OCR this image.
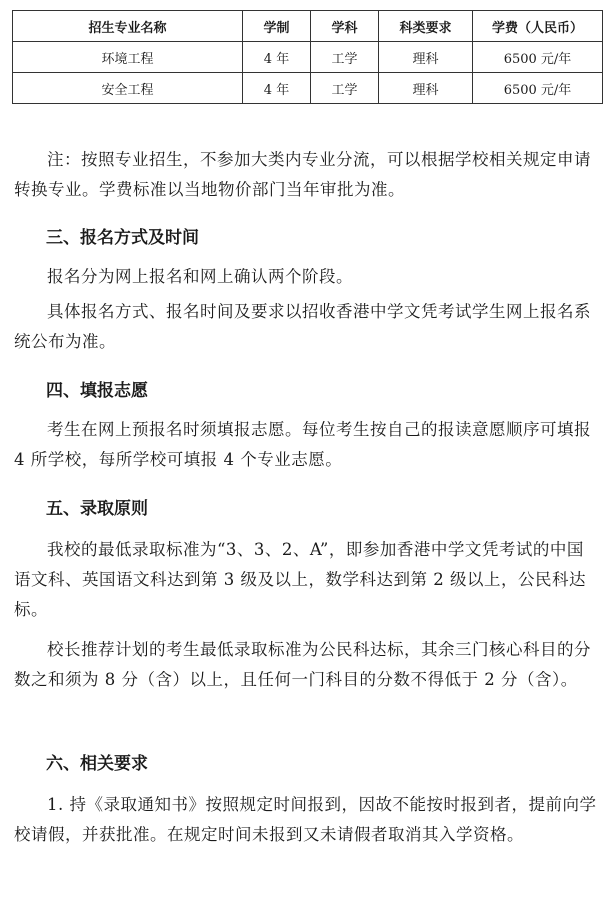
招生专业名称	学制	学科	科类要求	学费（人民币）
环境工程	4 年	工学	理科	6500 元/年
安全工程	4 年	工学	理科	6500 元/年

注：按照专业招生，不参加大类内专业分流，可以根据学校相关规定申请转换专业。学费标准以当地物价部门当年审批为准。

三、报名方式及时间

报名分为网上报名和网上确认两个阶段。

具体报名方式、报名时间及要求以招收香港中学文凭考试学生网上报名系统公布为准。

四、填报志愿

考生在网上预报名时须填报志愿。每位考生按自己的报读意愿顺序可填报 4 所学校，每所学校可填报 4 个专业志愿。

五、录取原则

我校的最低录取标准为“3、3、2、A”，即参加香港中学文凭考试的中国语文科、英国语文科达到第 3 级及以上，数学科达到第 2 级以上，公民科达标。

校长推荐计划的考生最低录取标准为公民科达标，其余三门核心科目的分数之和须为 8 分（含）以上，且任何一门科目的分数不得低于 2 分（含）。

六、相关要求

1. 持《录取通知书》按照规定时间报到，因故不能按时报到者，提前向学校请假，并获批准。在规定时间未报到又未请假者取消其入学资格。
